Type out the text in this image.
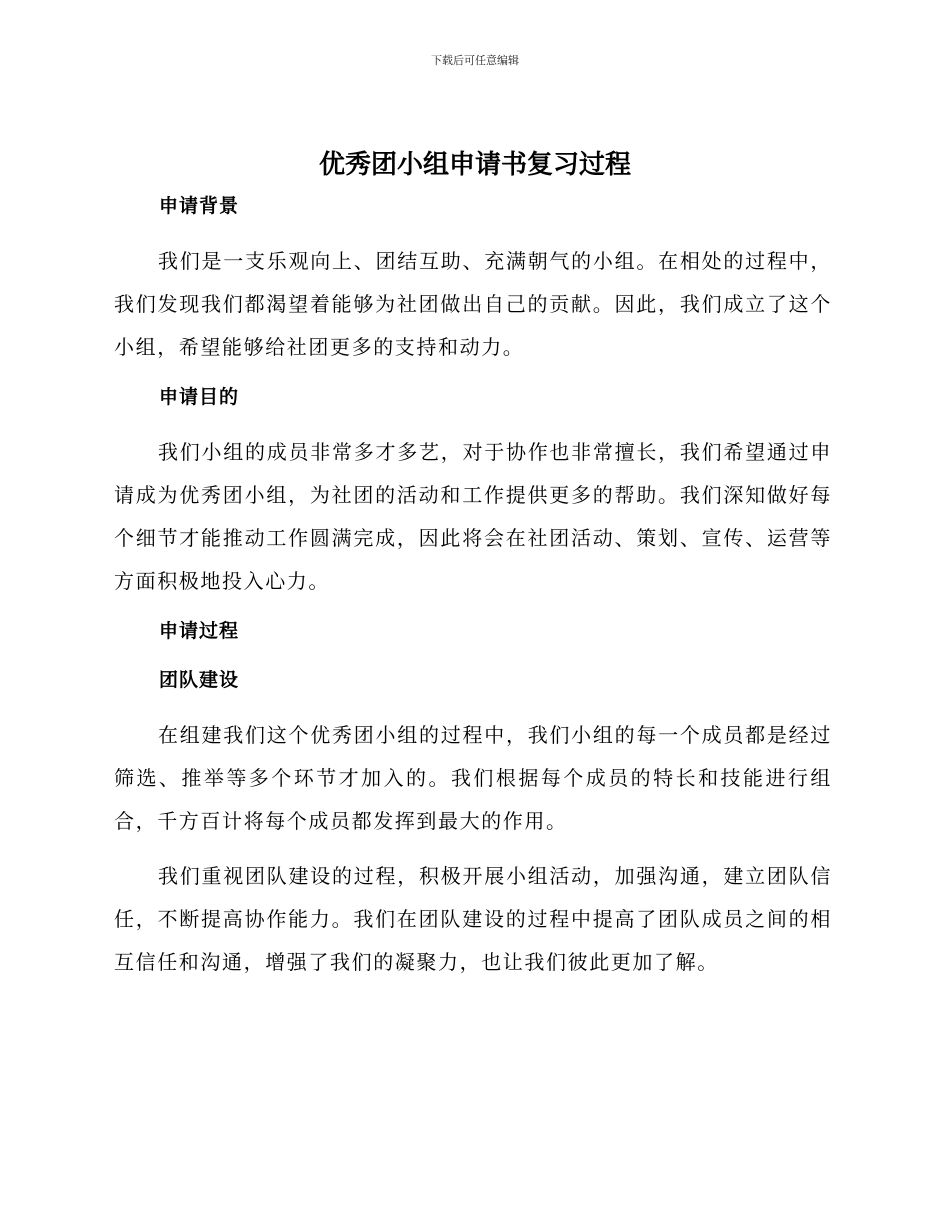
下载后可任意编辑
优秀团小组申请书复习过程

申请背景

我们是一支乐观向上、团结互助、充满朝气的小组。在相处的过程中，我们发现我们都渴望着能够为社团做出自己的贡献。因此，我们成立了这个小组，希望能够给社团更多的支持和动力。

申请目的

我们小组的成员非常多才多艺，对于协作也非常擅长，我们希望通过申请成为优秀团小组，为社团的活动和工作提供更多的帮助。我们深知做好每个细节才能推动工作圆满完成，因此将会在社团活动、策划、宣传、运营等方面积极地投入心力。

申请过程

团队建设

在组建我们这个优秀团小组的过程中，我们小组的每一个成员都是经过筛选、推举等多个环节才加入的。我们根据每个成员的特长和技能进行组合，千方百计将每个成员都发挥到最大的作用。

我们重视团队建设的过程，积极开展小组活动，加强沟通，建立团队信任，不断提高协作能力。我们在团队建设的过程中提高了团队成员之间的相互信任和沟通，增强了我们的凝聚力，也让我们彼此更加了解。
